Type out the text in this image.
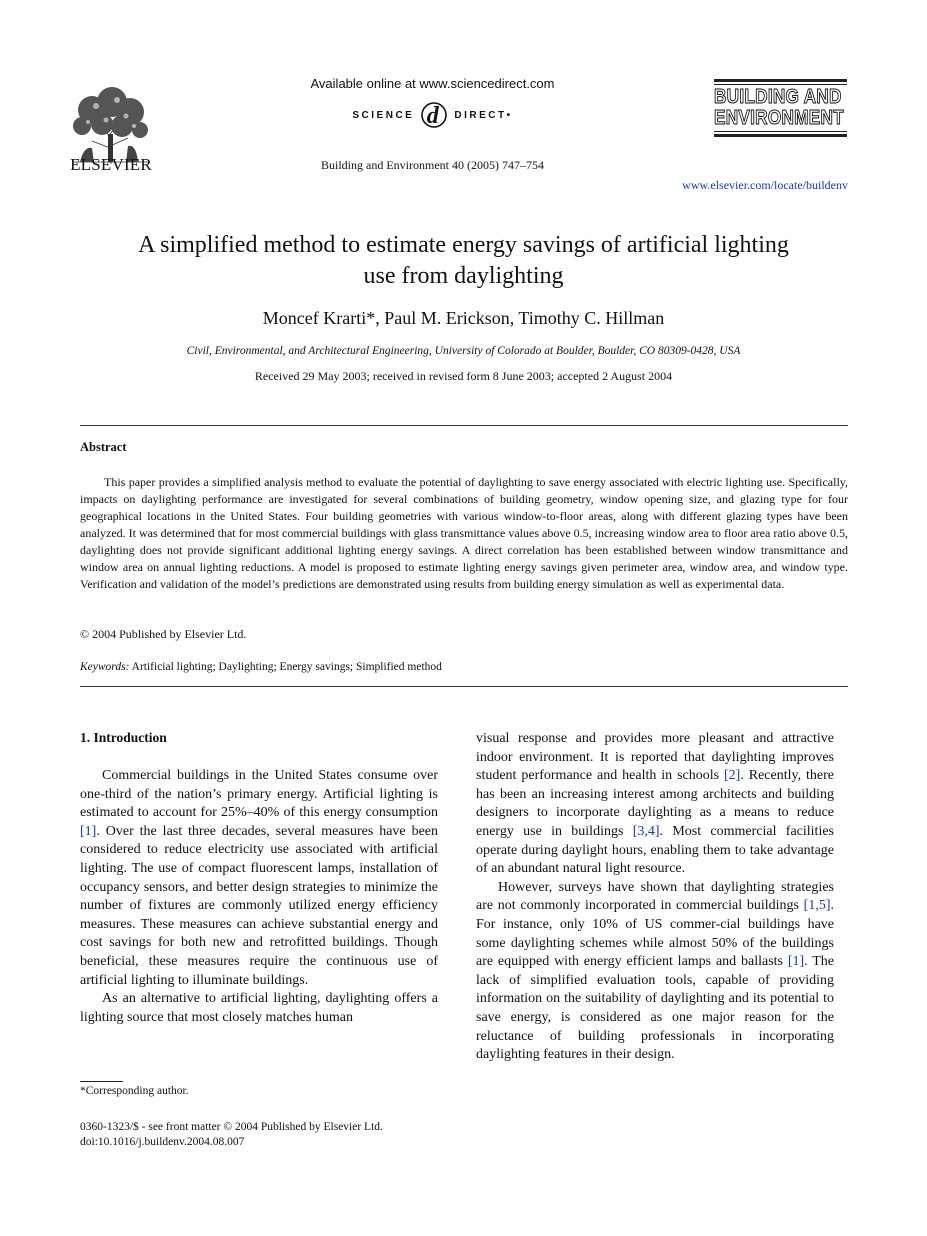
ELSEVIER
Available online at www.sciencedirect.com
SCIENCE d DIRECT•
Building and Environment 40 (2005) 747–754
BUILDING AND
ENVIRONMENT
www.elsevier.com/locate/buildenv
A simplified method to estimate energy savings of artificial lighting
use from daylighting
Moncef Krarti*, Paul M. Erickson, Timothy C. Hillman
Civil, Environmental, and Architectural Engineering, University of Colorado at Boulder, Boulder, CO 80309-0428, USA
Received 29 May 2003; received in revised form 8 June 2003; accepted 2 August 2004
Abstract

This paper provides a simplified analysis method to evaluate the potential of daylighting to save energy associated with electric lighting use. Specifically, impacts on daylighting performance are investigated for several combinations of building geometry, window opening size, and glazing type for four geographical locations in the United States. Four building geometries with various window-to-floor areas, along with different glazing types have been analyzed. It was determined that for most commercial buildings with glass transmittance values above 0.5, increasing window area to floor area ratio above 0.5, daylighting does not provide significant additional lighting energy savings. A direct correlation has been established between window transmittance and window area on annual lighting reductions. A model is proposed to estimate lighting energy savings given perimeter area, window area, and window type. Verification and validation of the model’s predictions are demonstrated using results from building energy simulation as well as experimental data.

© 2004 Published by Elsevier Ltd.
Keywords: Artificial lighting; Daylighting; Energy savings; Simplified method
1. Introduction

Commercial buildings in the United States consume over one-third of the nation’s primary energy. Artificial lighting is estimated to account for 25%–40% of this energy consumption [1]. Over the last three decades, several measures have been considered to reduce electricity use associated with artificial lighting. The use of compact fluorescent lamps, installation of occupancy sensors, and better design strategies to minimize the number of fixtures are commonly utilized energy efficiency measures. These measures can achieve substantial energy and cost savings for both new and retrofitted buildings. Though beneficial, these measures require the continuous use of artificial lighting to illuminate buildings.

As an alternative to artificial lighting, daylighting offers a lighting source that most closely matches human

visual response and provides more pleasant and attractive indoor environment. It is reported that daylighting improves student performance and health in schools [2]. Recently, there has been an increasing interest among architects and building designers to incorporate daylighting as a means to reduce energy use in buildings [3,4]. Most commercial facilities operate during daylight hours, enabling them to take advantage of an abundant natural light resource.

However, surveys have shown that daylighting strategies are not commonly incorporated in commercial buildings [1,5]. For instance, only 10% of US commer-cial buildings have some daylighting schemes while almost 50% of the buildings are equipped with energy efficient lamps and ballasts [1]. The lack of simplified evaluation tools, capable of providing information on the suitability of daylighting and its potential to save energy, is considered as one major reason for the reluctance of building professionals in incorporating daylighting features in their design.

*Corresponding author.
0360-1323/$ - see front matter © 2004 Published by Elsevier Ltd.
doi:10.1016/j.buildenv.2004.08.007
